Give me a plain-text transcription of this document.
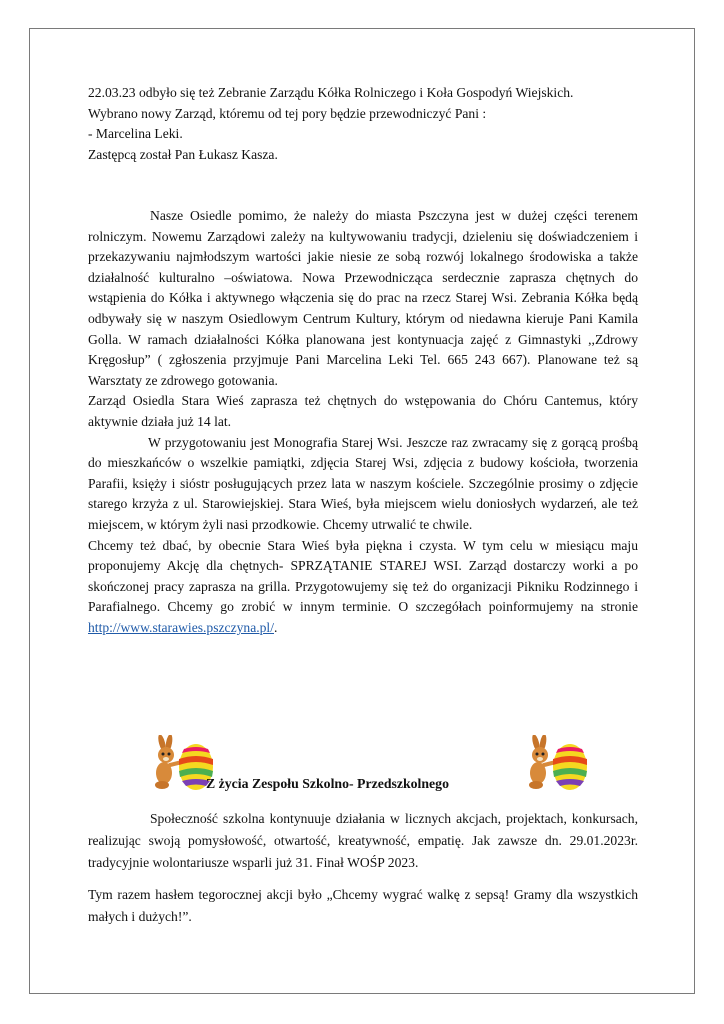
22.03.23 odbyło się też Zebranie Zarządu Kółka Rolniczego i Koła Gospodyń Wiejskich.

Wybrano nowy Zarząd, któremu od tej pory będzie przewodniczyć Pani :

- Marcelina Leki.

Zastępcą został Pan Łukasz Kasza.

Nasze Osiedle pomimo, że należy do miasta Pszczyna jest w dużej części terenem rolniczym. Nowemu Zarządowi zależy na kultywowaniu tradycji, dzieleniu się doświadczeniem i przekazywaniu najmłodszym wartości jakie niesie ze sobą rozwój lokalnego środowiska a także działalność kulturalno –oświatowa. Nowa Przewodnicząca serdecznie zaprasza chętnych do wstąpienia do Kółka i aktywnego włączenia się do prac na rzecz Starej Wsi. Zebrania Kółka będą odbywały się w naszym Osiedlowym Centrum Kultury, którym od niedawna kieruje Pani Kamila Golla. W ramach działalności Kółka planowana jest kontynuacja zajęć z Gimnastyki ,,Zdrowy Kręgosłup” ( zgłoszenia przyjmuje Pani Marcelina Leki Tel. 665 243 667). Planowane też są Warsztaty ze zdrowego gotowania.

Zarząd Osiedla Stara Wieś zaprasza też chętnych do wstępowania do Chóru Cantemus, który aktywnie działa już 14 lat.

W przygotowaniu jest Monografia Starej Wsi. Jeszcze raz zwracamy się z gorącą prośbą do mieszkańców o wszelkie pamiątki, zdjęcia Starej Wsi, zdjęcia z budowy kościoła, tworzenia Parafii, księży i sióstr posługujących przez lata w naszym kościele. Szczególnie prosimy o zdjęcie starego krzyża z ul. Starowiejskiej. Stara Wieś, była miejscem wielu doniosłych wydarzeń, ale też miejscem, w którym żyli nasi przodkowie. Chcemy utrwalić te chwile.

Chcemy też dbać, by obecnie Stara Wieś była piękna i czysta. W tym celu w miesiącu maju proponujemy Akcję dla chętnych- SPRZĄTANIE STAREJ WSI. Zarząd dostarczy worki a po skończonej pracy zaprasza na grilla. Przygotowujemy się też do organizacji Pikniku Rodzinnego i Parafialnego. Chcemy go zrobić w innym terminie. O szczegółach poinformujemy na stronie http://www.starawies.pszczyna.pl/.

Z życia Zespołu Szkolno- Przedszkolnego

Społeczność szkolna kontynuuje działania w licznych akcjach, projektach, konkursach, realizując swoją pomysłowość, otwartość, kreatywność, empatię. Jak zawsze dn. 29.01.2023r. tradycyjnie wolontariusze wsparli już 31. Finał WOŚP 2023.

Tym razem hasłem tegorocznej akcji było „Chcemy wygrać walkę z sepsą! Gramy dla wszystkich małych i dużych!”.
